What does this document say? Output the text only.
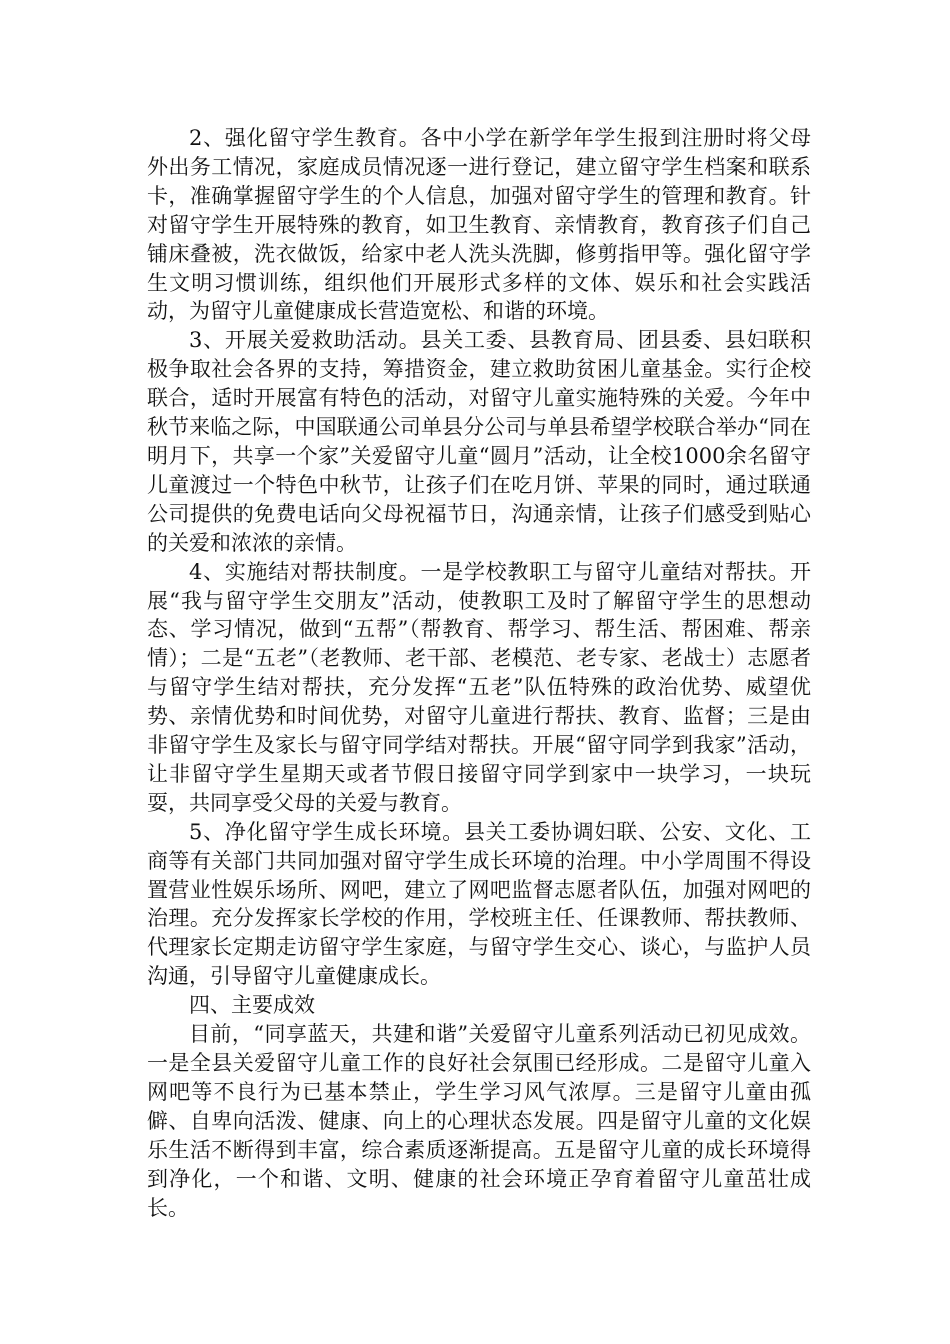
2、强化留守学生教育。各中小学在新学年学生报到注册时将父母外出务工情况，家庭成员情况逐一进行登记，建立留守学生档案和联系卡，准确掌握留守学生的个人信息，加强对留守学生的管理和教育。针对留守学生开展特殊的教育，如卫生教育、亲情教育，教育孩子们自己铺床叠被，洗衣做饭，给家中老人洗头洗脚，修剪指甲等。强化留守学生文明习惯训练，组织他们开展形式多样的文体、娱乐和社会实践活动，为留守儿童健康成长营造宽松、和谐的环境。

3、开展关爱救助活动。县关工委、县教育局、团县委、县妇联积极争取社会各界的支持，筹措资金，建立救助贫困儿童基金。实行企校联合，适时开展富有特色的活动，对留守儿童实施特殊的关爱。今年中秋节来临之际，中国联通公司单县分公司与单县希望学校联合举办“同在明月下，共享一个家”关爱留守儿童“圆月”活动，让全校1000余名留守儿童渡过一个特色中秋节，让孩子们在吃月饼、苹果的同时，通过联通公司提供的免费电话向父母祝福节日，沟通亲情，让孩子们感受到贴心的关爱和浓浓的亲情。

4、实施结对帮扶制度。一是学校教职工与留守儿童结对帮扶。开展“我与留守学生交朋友”活动，使教职工及时了解留守学生的思想动态、学习情况，做到“五帮”（帮教育、帮学习、帮生活、帮困难、帮亲情）；二是“五老”（老教师、老干部、老模范、老专家、老战士）志愿者与留守学生结对帮扶，充分发挥“五老”队伍特殊的政治优势、威望优势、亲情优势和时间优势，对留守儿童进行帮扶、教育、监督；三是由非留守学生及家长与留守同学结对帮扶。开展“留守同学到我家”活动，让非留守学生星期天或者节假日接留守同学到家中一块学习，一块玩耍，共同享受父母的关爱与教育。

5、净化留守学生成长环境。县关工委协调妇联、公安、文化、工商等有关部门共同加强对留守学生成长环境的治理。中小学周围不得设置营业性娱乐场所、网吧，建立了网吧监督志愿者队伍，加强对网吧的治理。充分发挥家长学校的作用，学校班主任、任课教师、帮扶教师、代理家长定期走访留守学生家庭，与留守学生交心、谈心，与监护人员沟通，引导留守儿童健康成长。

四、主要成效

目前，“同享蓝天，共建和谐”关爱留守儿童系列活动已初见成效。一是全县关爱留守儿童工作的良好社会氛围已经形成。二是留守儿童入网吧等不良行为已基本禁止，学生学习风气浓厚。三是留守儿童由孤僻、自卑向活泼、健康、向上的心理状态发展。四是留守儿童的文化娱乐生活不断得到丰富，综合素质逐渐提高。五是留守儿童的成长环境得到净化，一个和谐、文明、健康的社会环境正孕育着留守儿童茁壮成长。
